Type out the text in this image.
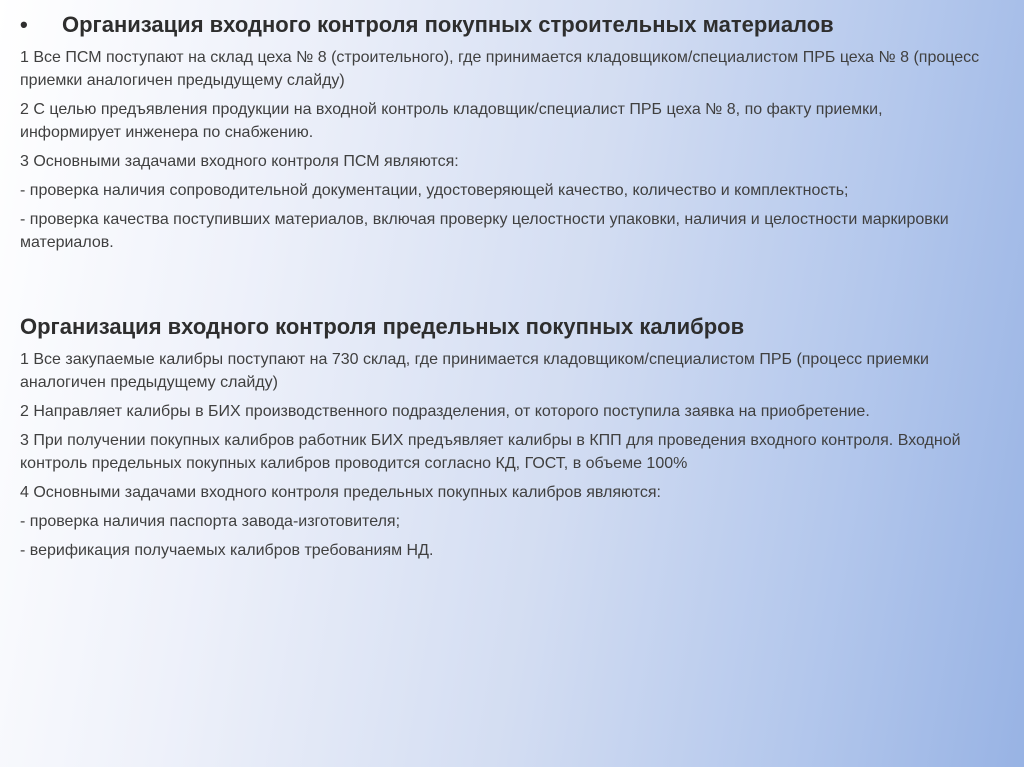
•	Организация входного контроля покупных строительных материалов

1 Все ПСМ поступают на склад цеха № 8 (строительного), где принимается кладовщиком/специалистом ПРБ цеха № 8 (процесс приемки аналогичен предыдущему слайду)

2 С целью предъявления продукции на входной контроль кладовщик/специалист ПРБ цеха № 8, по факту приемки, информирует инженера по снабжению.

3 Основными задачами входного контроля ПСМ являются:

- проверка наличия сопроводительной документации, удостоверяющей качество, количество и комплектность;

- проверка качества поступивших материалов, включая проверку целостности упаковки, наличия и целостности маркировки материалов.

Организация входного контроля предельных покупных калибров

1 Все закупаемые калибры поступают на 730 склад, где принимается кладовщиком/специалистом ПРБ (процесс приемки аналогичен предыдущему слайду)

2 Направляет калибры в БИХ производственного подразделения, от которого поступила заявка на приобретение.

3 При получении покупных калибров работник БИХ предъявляет калибры в КПП для проведения входного контроля. Входной контроль предельных покупных калибров проводится согласно КД, ГОСТ, в объеме 100%

4 Основными задачами входного контроля предельных покупных калибров являются:

- проверка наличия паспорта завода-изготовителя;

- верификация получаемых калибров требованиям НД.
